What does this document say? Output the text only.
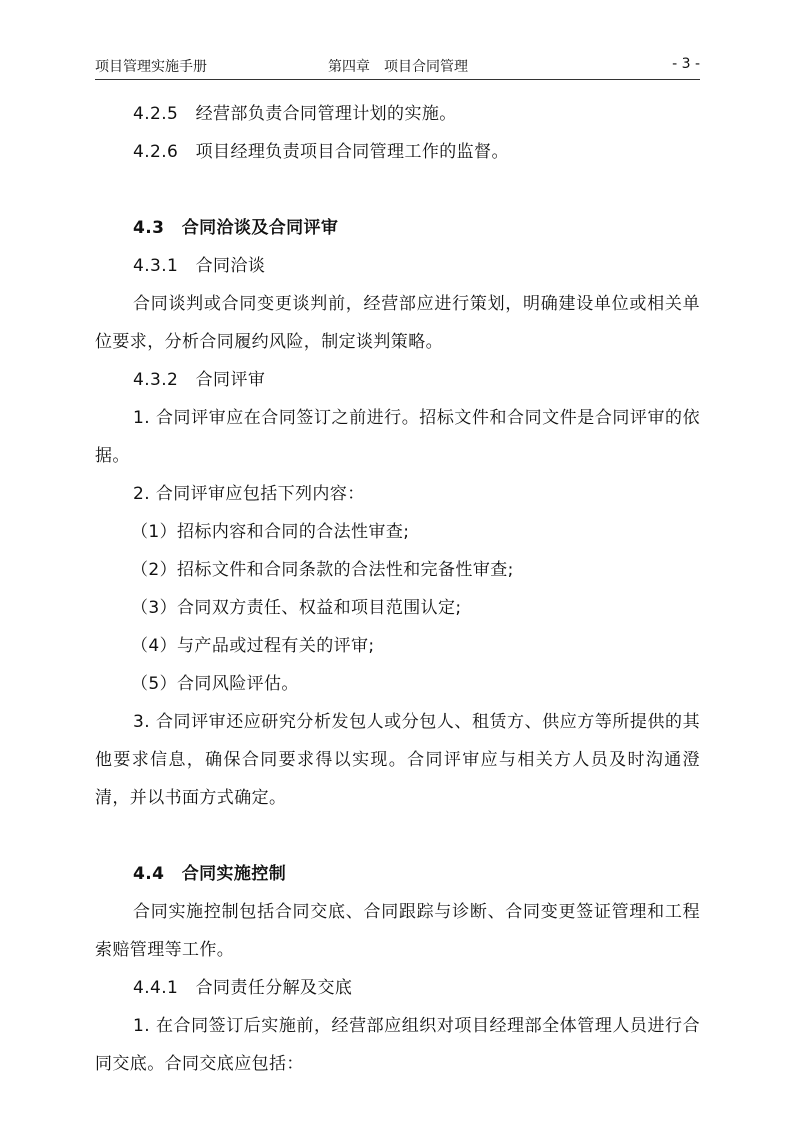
项目管理实施手册	第四章　项目合同管理	- 3 -
4.2.5　经营部负责合同管理计划的实施。
4.2.6　项目经理负责项目合同管理工作的监督。
4.3　合同洽谈及合同评审
4.3.1　合同洽谈
合同谈判或合同变更谈判前，经营部应进行策划，明确建设单位或相关单位要求，分析合同履约风险，制定谈判策略。
4.3.2　合同评审
1. 合同评审应在合同签订之前进行。招标文件和合同文件是合同评审的依据。
2. 合同评审应包括下列内容：
（1）招标内容和合同的合法性审查;
（2）招标文件和合同条款的合法性和完备性审查;
（3）合同双方责任、权益和项目范围认定;
（4）与产品或过程有关的评审;
（5）合同风险评估。
3. 合同评审还应研究分析发包人或分包人、租赁方、供应方等所提供的其他要求信息，确保合同要求得以实现。合同评审应与相关方人员及时沟通澄清，并以书面方式确定。
4.4　合同实施控制
合同实施控制包括合同交底、合同跟踪与诊断、合同变更签证管理和工程索赔管理等工作。
4.4.1　合同责任分解及交底
1. 在合同签订后实施前，经营部应组织对项目经理部全体管理人员进行合同交底。合同交底应包括：
